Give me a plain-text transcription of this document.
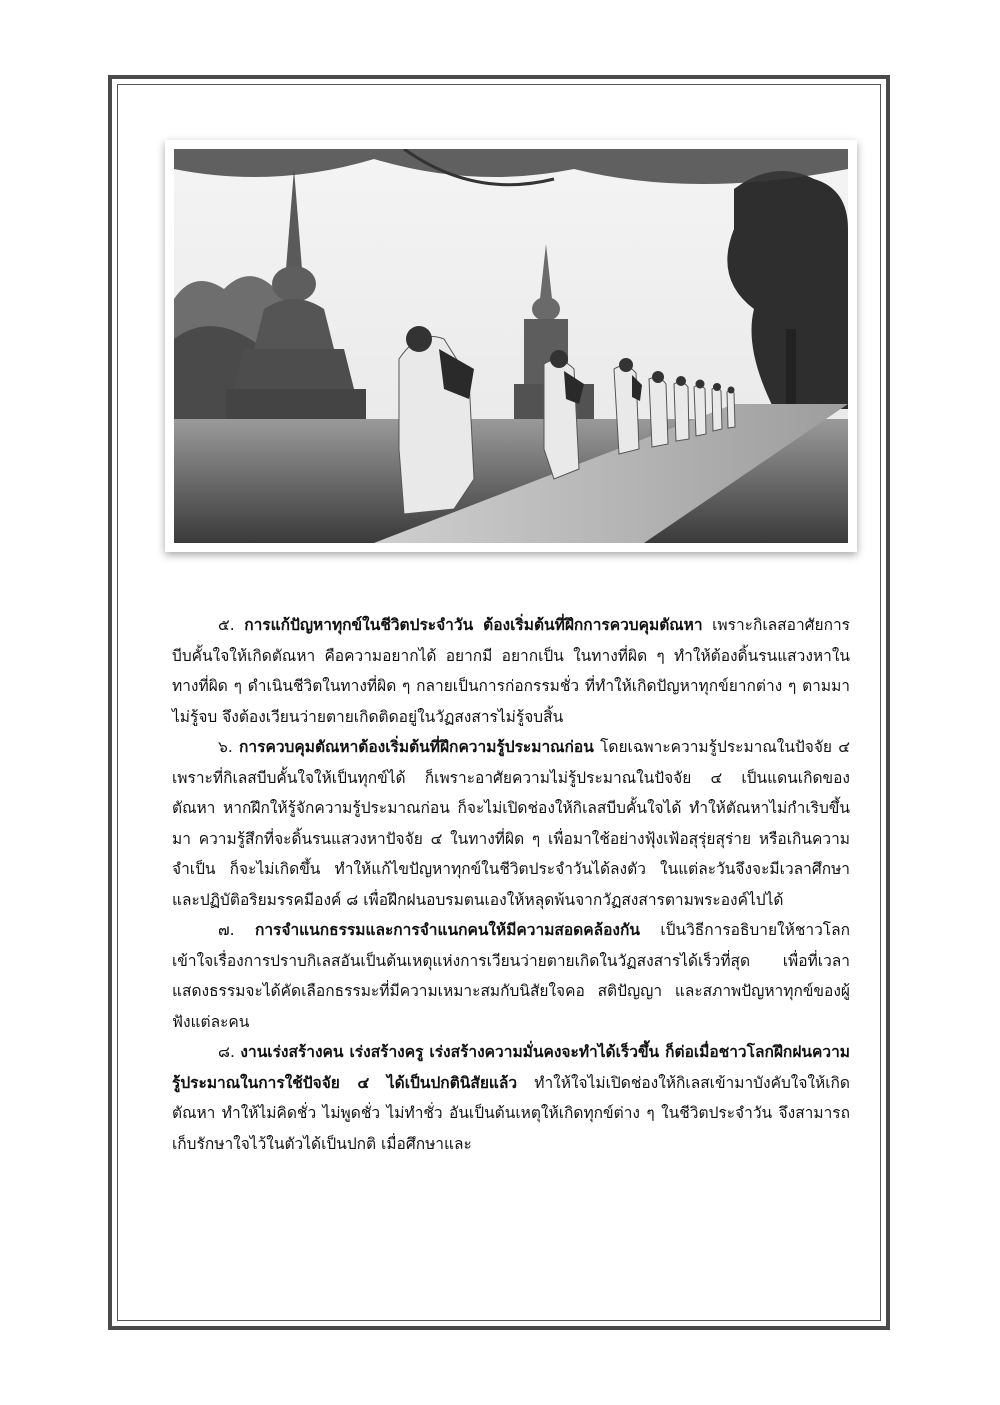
๕. การแก้ปัญหาทุกข์ในชีวิตประจำวัน ต้องเริ่มต้นที่ฝึกการควบคุมตัณหา เพราะกิเลสอาศัยการบีบคั้นใจให้เกิดตัณหา คือความอยากได้ อยากมี อยากเป็น ในทางที่ผิด ๆ ทำให้ต้องดิ้นรนแสวงหาในทางที่ผิด ๆ ดำเนินชีวิตในทางที่ผิด ๆ กลายเป็นการก่อกรรมชั่ว ที่ทำให้เกิดปัญหาทุกข์ยากต่าง ๆ ตามมาไม่รู้จบ จึงต้องเวียนว่ายตายเกิดติดอยู่ในวัฏสงสารไม่รู้จบสิ้น

๖. การควบคุมตัณหาต้องเริ่มต้นที่ฝึกความรู้ประมาณก่อน โดยเฉพาะความรู้ประมาณในปัจจัย ๔ เพราะที่กิเลสบีบคั้นใจให้เป็นทุกข์ได้ ก็เพราะอาศัยความไม่รู้ประมาณในปัจจัย ๔ เป็นแดนเกิดของตัณหา หากฝึกให้รู้จักความรู้ประมาณก่อน ก็จะไม่เปิดช่องให้กิเลสบีบคั้นใจได้ ทำให้ตัณหาไม่กำเริบขึ้นมา ความรู้สึกที่จะดิ้นรนแสวงหาปัจจัย ๔ ในทางที่ผิด ๆ เพื่อมาใช้อย่างฟุ้งเฟ้อสุรุ่ยสุร่าย หรือเกินความจำเป็น ก็จะไม่เกิดขึ้น ทำให้แก้ไขปัญหาทุกข์ในชีวิตประจำวันได้ลงตัว ในแต่ละวันจึงจะมีเวลาศึกษาและปฏิบัติอริยมรรคมีองค์ ๘ เพื่อฝึกฝนอบรมตนเองให้หลุดพ้นจากวัฏสงสารตามพระองค์ไปได้

๗. การจำแนกธรรมและการจำแนกคนให้มีความสอดคล้องกัน เป็นวิธีการอธิบายให้ชาวโลกเข้าใจเรื่องการปราบกิเลสอันเป็นต้นเหตุแห่งการเวียนว่ายตายเกิดในวัฏสงสารได้เร็วที่สุด เพื่อที่เวลาแสดงธรรมจะได้คัดเลือกธรรมะที่มีความเหมาะสมกับนิสัยใจคอ สติปัญญา และสภาพปัญหาทุกข์ของผู้ฟังแต่ละคน

๘. งานเร่งสร้างคน เร่งสร้างครู เร่งสร้างความมั่นคงจะทำได้เร็วขึ้น ก็ต่อเมื่อชาวโลกฝึกฝนความรู้ประมาณในการใช้ปัจจัย ๔ ได้เป็นปกตินิสัยแล้ว ทำให้ใจไม่เปิดช่องให้กิเลสเข้ามาบังคับใจให้เกิดตัณหา ทำให้ไม่คิดชั่ว ไม่พูดชั่ว ไม่ทำชั่ว อันเป็นต้นเหตุให้เกิดทุกข์ต่าง ๆ ในชีวิตประจำวัน จึงสามารถเก็บรักษาใจไว้ในตัวได้เป็นปกติ เมื่อศึกษาและ
